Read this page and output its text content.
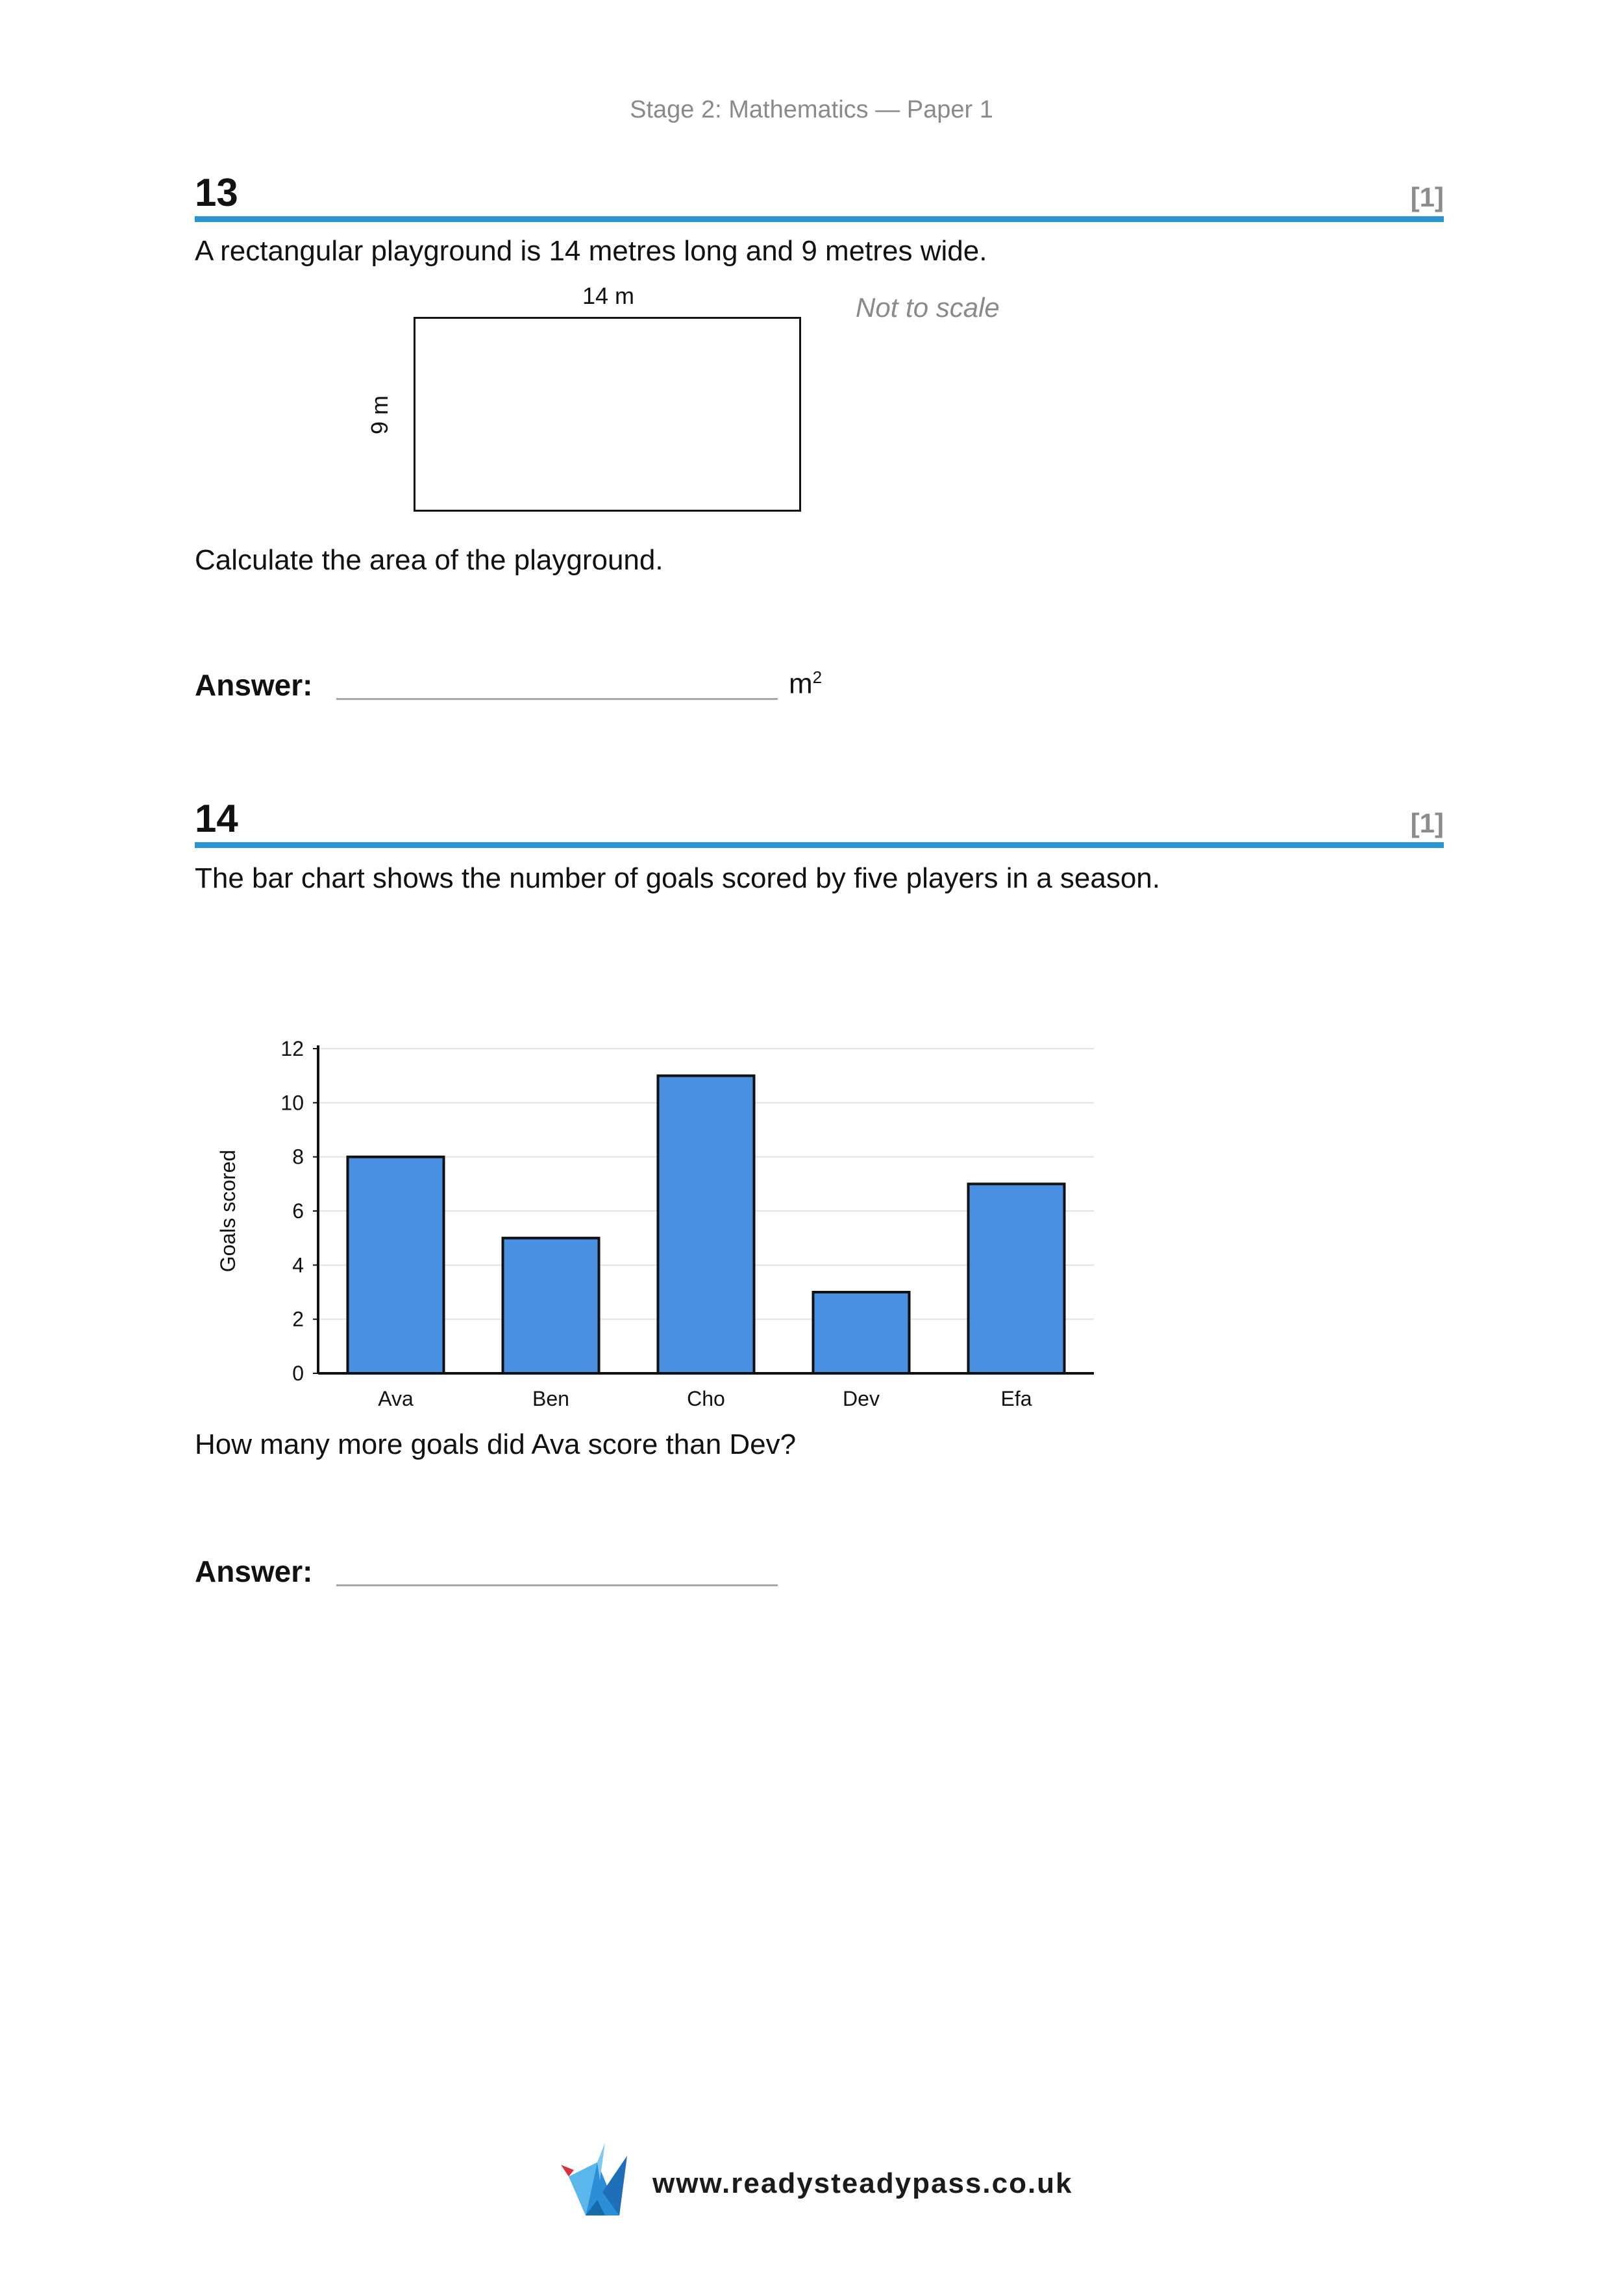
Stage 2: Mathematics — Paper 1
13	[1]
A rectangular playground is 14 metres long and 9 metres wide.
14 m
9 m
Not to scale
Calculate the area of the playground.
Answer:	$m^2$
14	[1]
The bar chart shows the number of goals scored by five players in a season.
0
2
4
6
8
10
12
Ava	Ben	Cho	Dev	Efa
Goals scored
How many more goals did Ava score than Dev?
Answer:
www.readysteadypass.co.uk
